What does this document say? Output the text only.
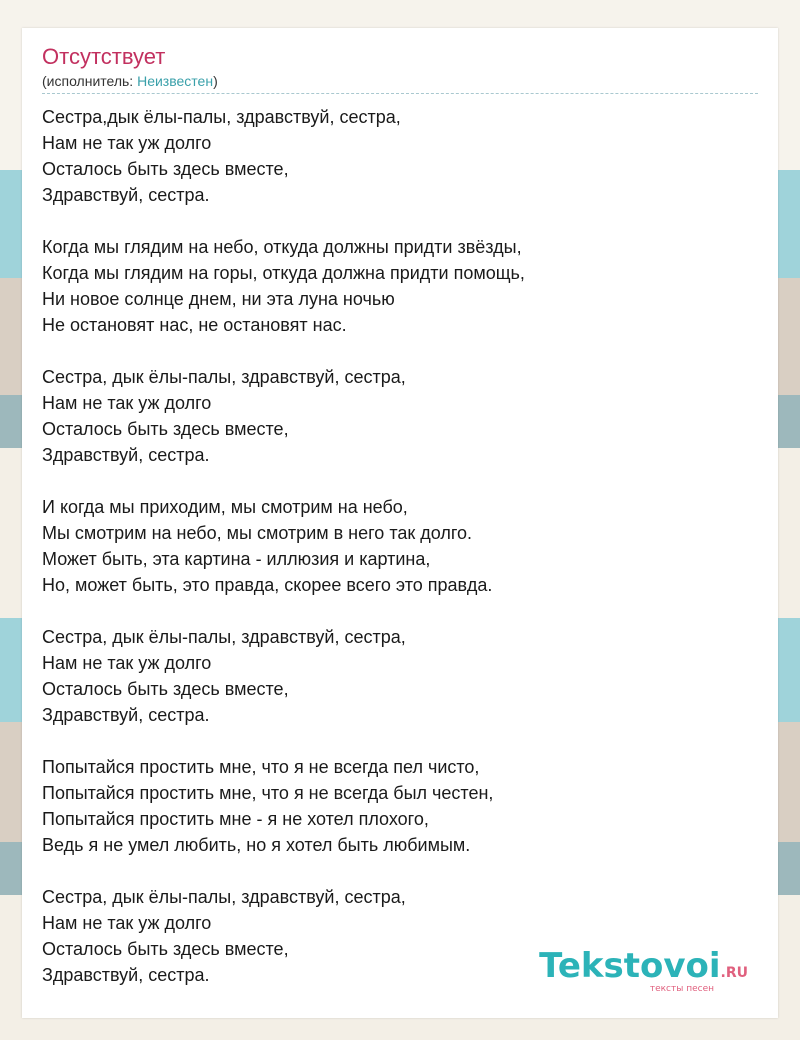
Отсутствует
(исполнитель: Неизвестен)
Сестра,дык ёлы-палы, здравствуй, сестра,
Нам не так уж долго
Осталось быть здесь вместе,
Здравствуй, сестра.
Когда мы глядим на небо, откуда должны придти звёзды,
Когда мы глядим на горы, откуда должна придти помощь,
Ни новое солнце днем, ни эта луна ночью
Не остановят нас, не остановят нас.
Сестра, дык ёлы-палы, здравствуй, сестра,
Нам не так уж долго
Осталось быть здесь вместе,
Здравствуй, сестра.
И когда мы приходим, мы смотрим на небо,
Мы смотрим на небо, мы смотрим в него так долго.
Может быть, эта картина - иллюзия и картина,
Но, может быть, это правда, скорее всего это правда.
Сестра, дык ёлы-палы, здравствуй, сестра,
Нам не так уж долго
Осталось быть здесь вместе,
Здравствуй, сестра.
Попытайся простить мне, что я не всегда пел чисто,
Попытайся простить мне, что я не всегда был честен,
Попытайся простить мне - я не хотел плохого,
Ведь я не умел любить, но я хотел быть любимым.
Сестра, дык ёлы-палы, здравствуй, сестра,
Нам не так уж долго
Осталось быть здесь вместе,
Здравствуй, сестра.	Tekstovoi.RU
тексты песен
